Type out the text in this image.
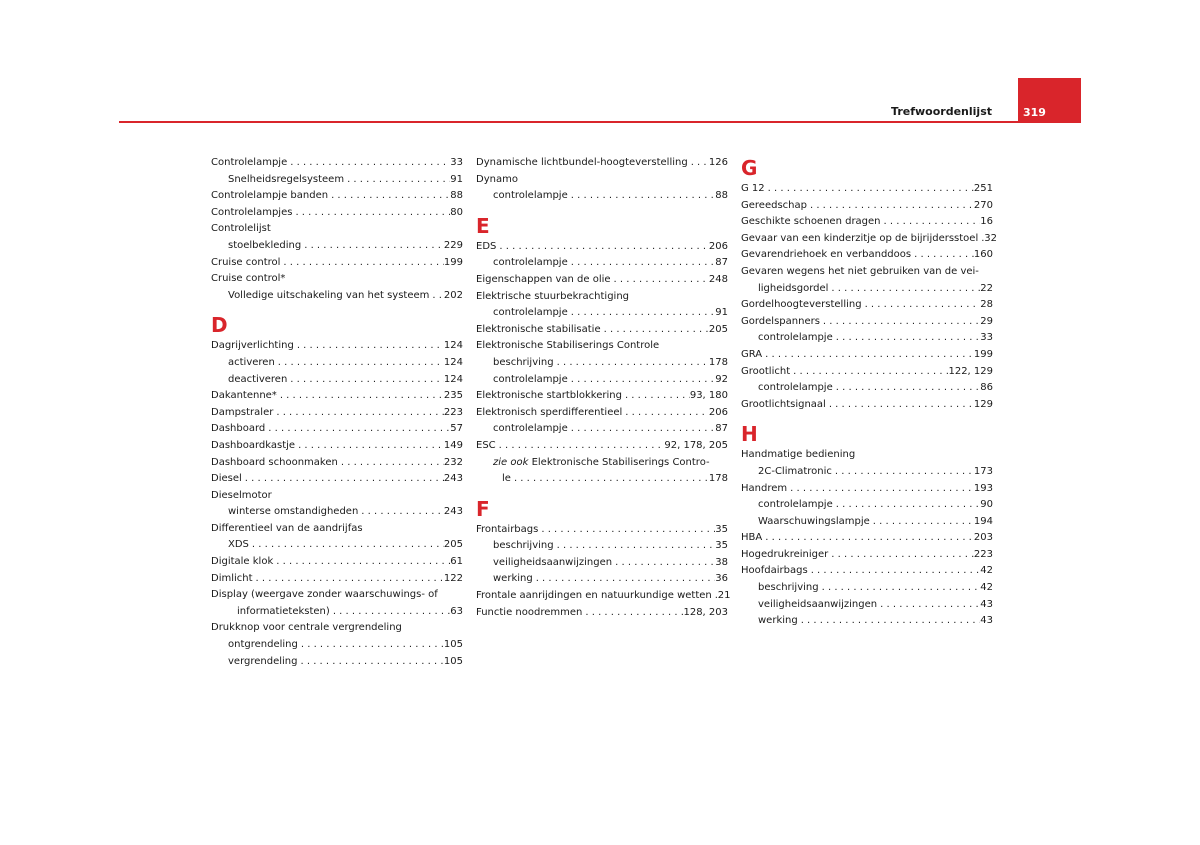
Trefwoordenlijst	319
Controlelampje . . .	33
Snelheidsregelsysteem . . .	91
Controlelampje banden . . .	88
Controlelampjes . . .	80
Controlelijst
stoelbekleding . . .	229
Cruise control . . .	199
Cruise control*
Volledige uitschakeling van het systeem . . . 202
D
Dagrijverlichting . . .	124
activeren . . .	124
deactiveren . . .	124
Dakantenne* . . .	235
Dampstraler . . .	223
Dashboard . . .	57
Dashboardkastje . . .	149
Dashboard schoonmaken . . .	232
Diesel . . .	243
Dieselmotor
winterse omstandigheden . . .	243
Differentieel van de aandrijfas
XDS . . .	205
Digitale klok . . .	61
Dimlicht . . .	122
Display (weergave zonder waarschuwings- of
informatieteksten) . . .	63
Drukknop voor centrale vergrendeling
ontgrendeling . . .	105
vergrendeling . . .	105
Dynamische lichtbundel-hoogteverstelling . . . 126
Dynamo
controlelampje . . .	88
E
EDS . . .	206
controlelampje . . .	87
Eigenschappen van de olie . . .	248
Elektrische stuurbekrachtiging
controlelampje . . .	91
Elektronische stabilisatie . . .	205
Elektronische Stabiliserings Controle
beschrijving . . .	178
controlelampje . . .	92
Elektronische startblokkering . . .	93, 180
Elektronisch sperdifferentieel . . .	206
controlelampje . . .	87
ESC . . .	92, 178, 205
zie ook Elektronische Stabiliserings Contro-
le . . .	178
F
Frontairbags . . .	35
beschrijving . . .	35
veiligheidsaanwijzingen . . .	38
werking . . .	36
Frontale aanrijdingen en natuurkundige wetten . . . 21
Functie noodremmen . . .	128, 203
G
G 12 . . .	251
Gereedschap . . .	270
Geschikte schoenen dragen . . .	16
Gevaar van een kinderzitje op de bijrijdersstoel . . . 32
Gevarendriehoek en verbanddoos . . .	160
Gevaren wegens het niet gebruiken van de vei-
ligheidsgordel . . .	22
Gordelhoogteverstelling . . .	28
Gordelspanners . . .	29
controlelampje . . .	33
GRA . . .	199
Grootlicht . . .	122, 129
controlelampje . . .	86
Grootlichtsignaal . . .	129
H
Handmatige bediening
2C-Climatronic . . .	173
Handrem . . .	193
controlelampje . . .	90
Waarschuwingslampje . . .	194
HBA . . .	203
Hogedrukreiniger . . .	223
Hoofdairbags . . .	42
beschrijving . . .	42
veiligheidsaanwijzingen . . .	43
werking . . .	43
